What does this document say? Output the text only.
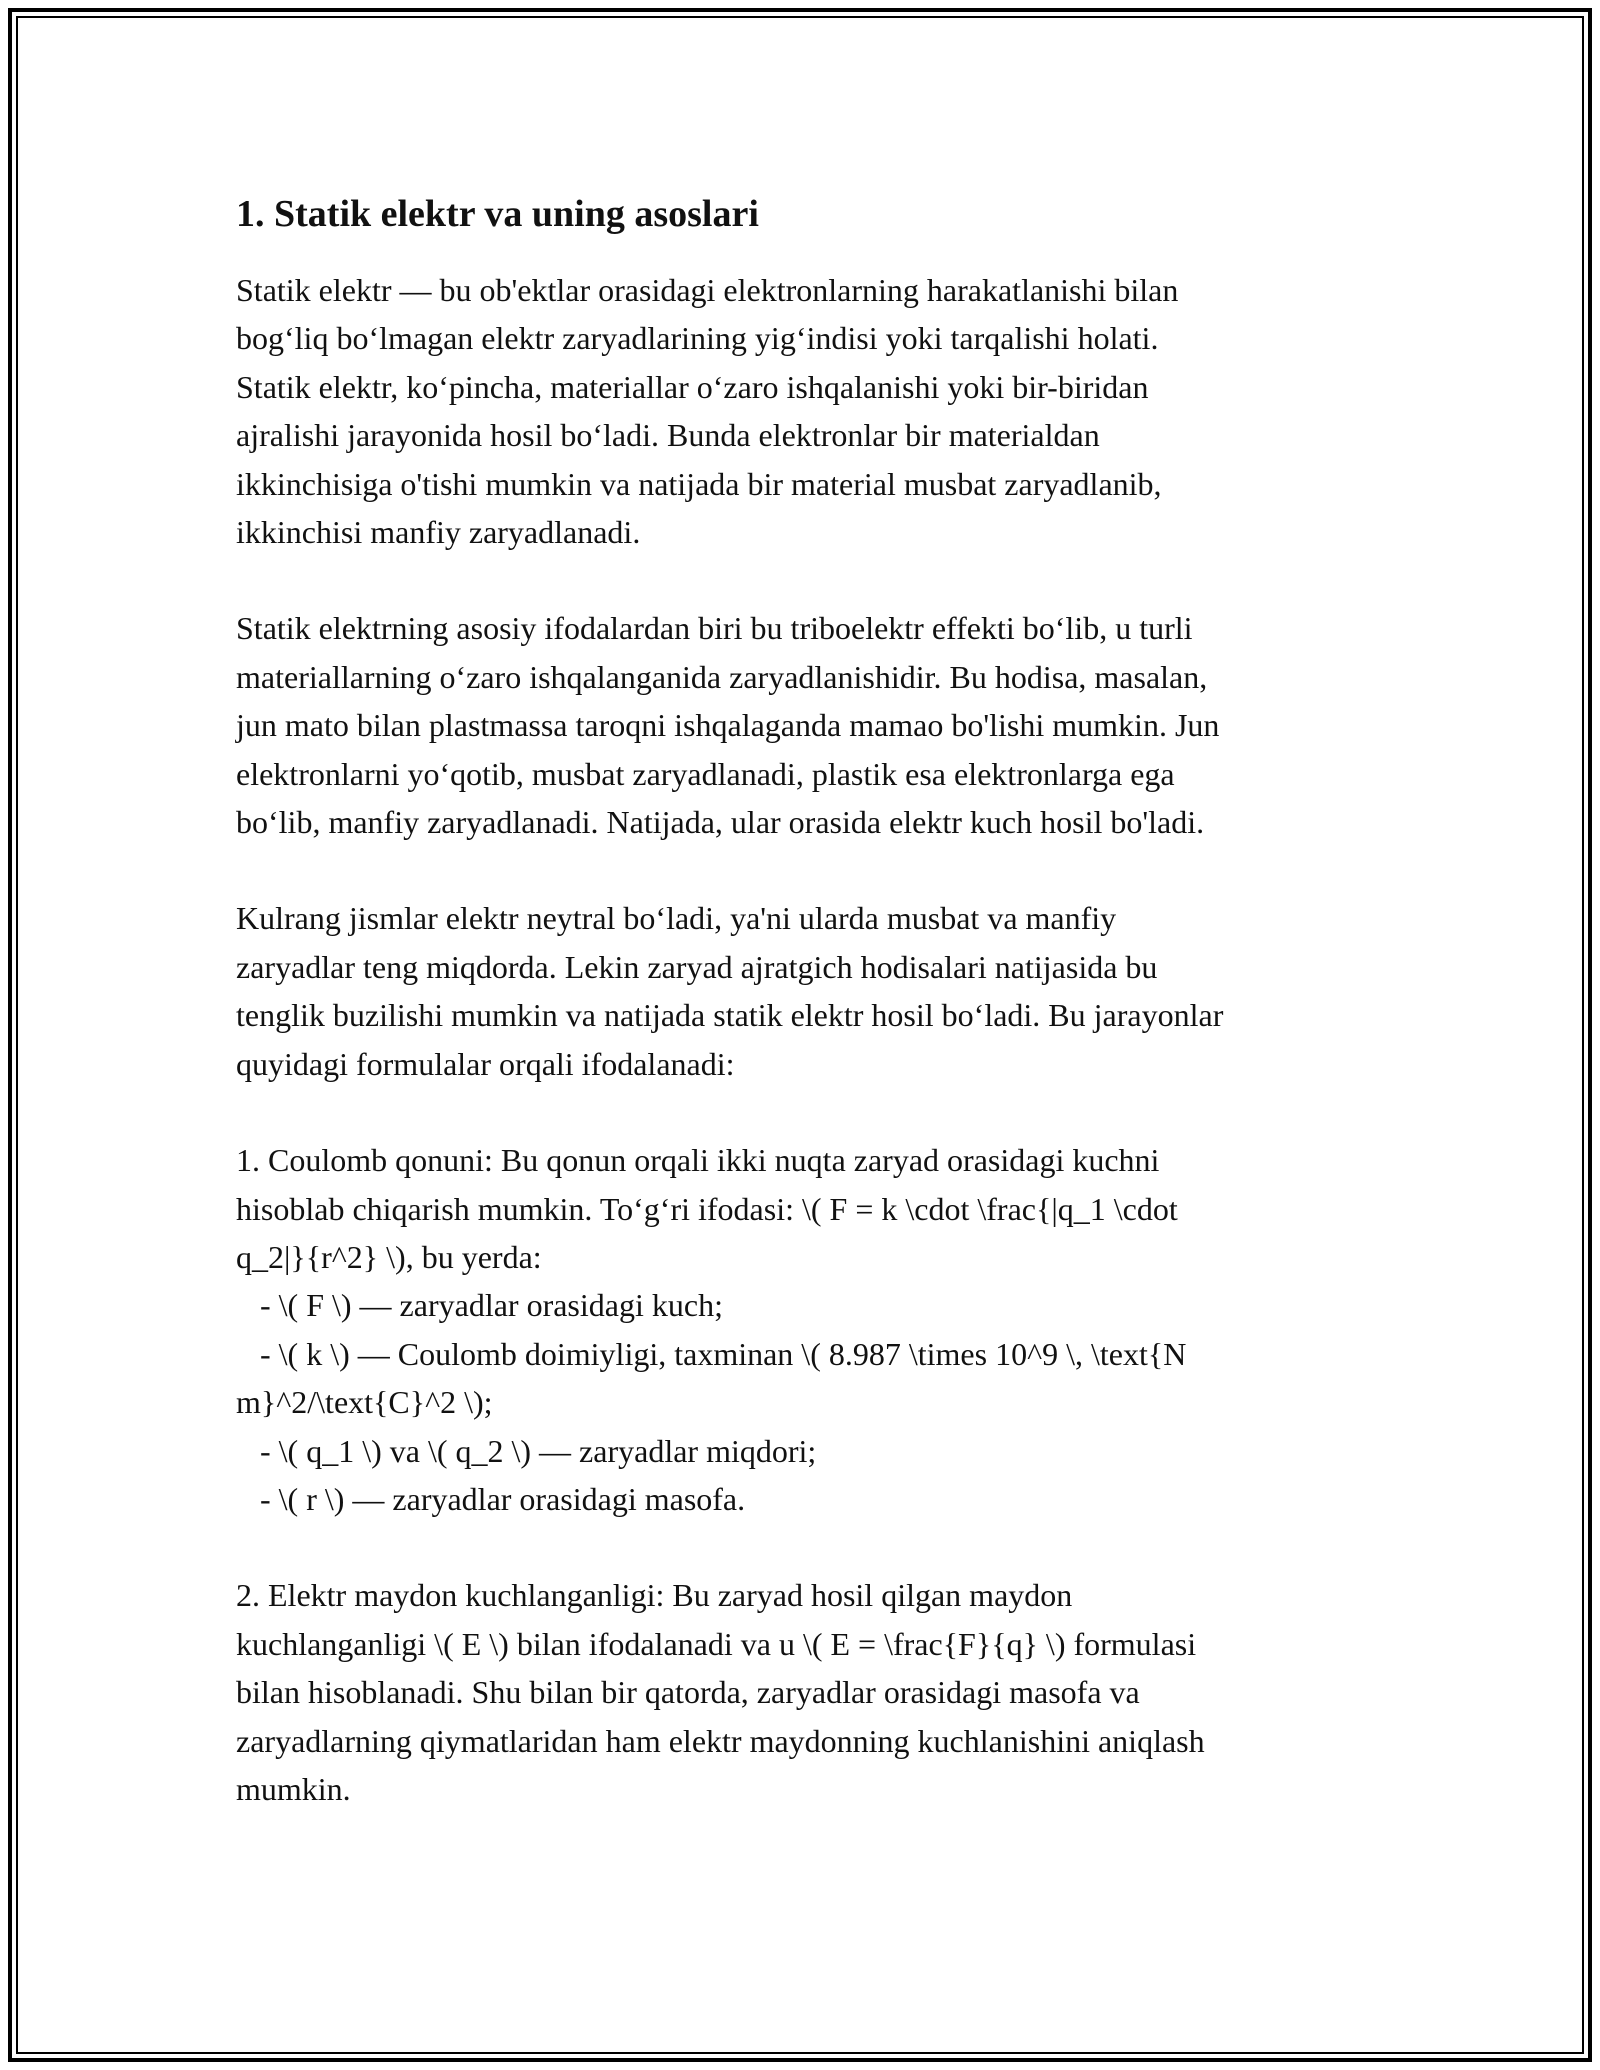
1. Statik elektr va uning asoslari

Statik elektr — bu ob'ektlar orasidagi elektronlarning harakatlanishi bilan
bog‘liq bo‘lmagan elektr zaryadlarining yig‘indisi yoki tarqalishi holati.
Statik elektr, ko‘pincha, materiallar o‘zaro ishqalanishi yoki bir-biridan
ajralishi jarayonida hosil bo‘ladi. Bunda elektronlar bir materialdan
ikkinchisiga o'tishi mumkin va natijada bir material musbat zaryadlanib,
ikkinchisi manfiy zaryadlanadi.

Statik elektrning asosiy ifodalardan biri bu triboelektr effekti bo‘lib, u turli
materiallarning o‘zaro ishqalanganida zaryadlanishidir. Bu hodisa, masalan,
jun mato bilan plastmassa taroqni ishqalaganda mamao bo'lishi mumkin. Jun
elektronlarni yo‘qotib, musbat zaryadlanadi, plastik esa elektronlarga ega
bo‘lib, manfiy zaryadlanadi. Natijada, ular orasida elektr kuch hosil bo'ladi.

Kulrang jismlar elektr neytral bo‘ladi, ya'ni ularda musbat va manfiy
zaryadlar teng miqdorda. Lekin zaryad ajratgich hodisalari natijasida bu
tenglik buzilishi mumkin va natijada statik elektr hosil bo‘ladi. Bu jarayonlar
quyidagi formulalar orqali ifodalanadi:

1. Coulomb qonuni: Bu qonun orqali ikki nuqta zaryad orasidagi kuchni
hisoblab chiqarish mumkin. To‘g‘ri ifodasi: \( F = k \cdot \frac{|q_1 \cdot
q_2|}{r^2} \), bu yerda:
- \( F \) — zaryadlar orasidagi kuch;
- \( k \) — Coulomb doimiyligi, taxminan \( 8.987 \times 10^9 \, \text{N
m}^2/\text{C}^2 \);
- \( q_1 \) va \( q_2 \) — zaryadlar miqdori;
- \( r \) — zaryadlar orasidagi masofa.

2. Elektr maydon kuchlanganligi: Bu zaryad hosil qilgan maydon
kuchlanganligi \( E \) bilan ifodalanadi va u \( E = \frac{F}{q} \) formulasi
bilan hisoblanadi. Shu bilan bir qatorda, zaryadlar orasidagi masofa va
zaryadlarning qiymatlaridan ham elektr maydonning kuchlanishini aniqlash
mumkin.
